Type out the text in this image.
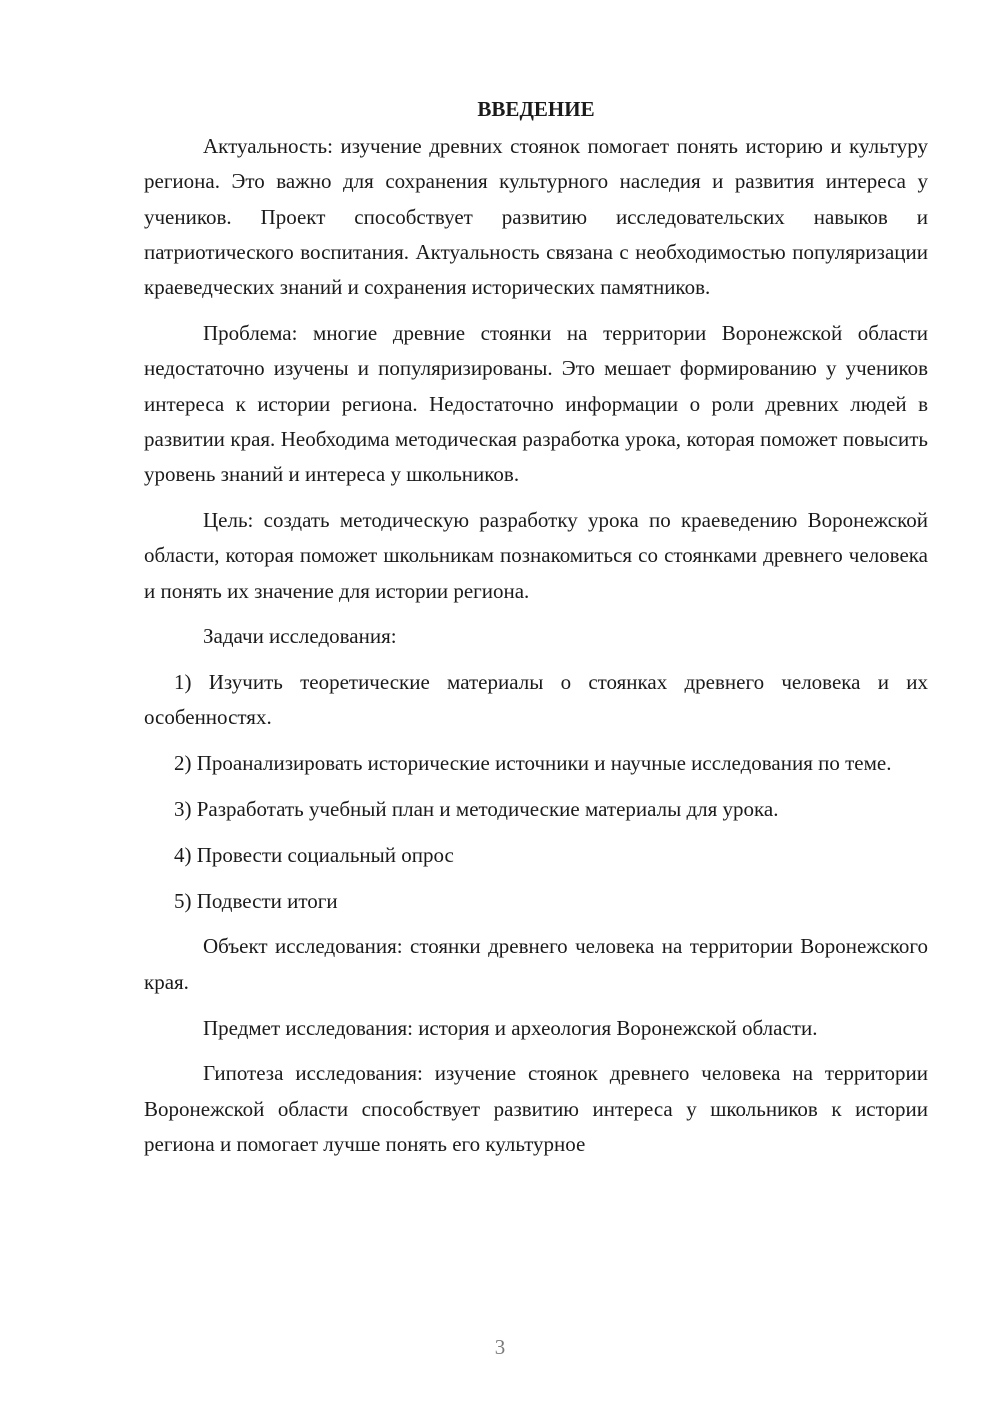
ВВЕДЕНИЕ

Актуальность: изучение древних стоянок помогает понять историю и культуру региона. Это важно для сохранения культурного наследия и развития интереса у учеников. Проект способствует развитию исследовательских навыков и патриотического воспитания. Актуальность связана с необходимостью популяризации краеведческих знаний и сохранения исторических памятников.

Проблема: многие древние стоянки на территории Воронежской области недостаточно изучены и популяризированы. Это мешает формированию у учеников интереса к истории региона. Недостаточно информации о роли древних людей в развитии края. Необходима методическая разработка урока, которая поможет повысить уровень знаний и интереса у школьников.

Цель: создать методическую разработку урока по краеведению Воронежской области, которая поможет школьникам познакомиться со стоянками древнего человека и понять их значение для истории региона.

Задачи исследования:

1) Изучить теоретические материалы о стоянках древнего человека и их особенностях.

2) Проанализировать исторические источники и научные исследования по теме.

3) Разработать учебный план и методические материалы для урока.

4) Провести социальный опрос

5) Подвести итоги

Объект исследования: стоянки древнего человека на территории Воронежского края.

Предмет исследования: история и археология Воронежской области.

Гипотеза исследования: изучение стоянок древнего человека на территории Воронежской области способствует развитию интереса у школьников к истории региона и помогает лучше понять его культурное

3
